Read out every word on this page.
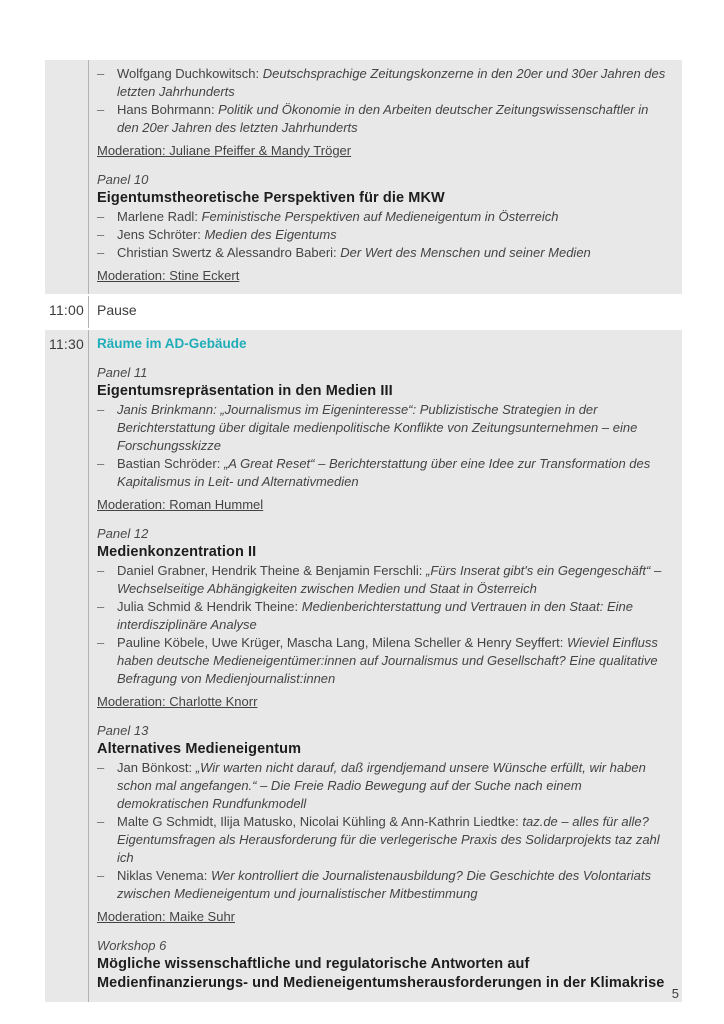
– Wolfgang Duchkowitsch: Deutschsprachige Zeitungskonzerne in den 20er und 30er Jahren des letzten Jahrhunderts
– Hans Bohrmann: Politik und Ökonomie in den Arbeiten deutscher Zeitungswissenschaftler in den 20er Jahren des letzten Jahrhunderts
Moderation: Juliane Pfeiffer & Mandy Tröger
Panel 10
Eigentumstheoretische Perspektiven für die MKW
– Marlene Radl: Feministische Perspektiven auf Medieneigentum in Österreich
– Jens Schröter: Medien des Eigentums
– Christian Swertz & Alessandro Baberi: Der Wert des Menschen und seiner Medien
Moderation: Stine Eckert
11:00 Pause
11:30 Räume im AD-Gebäude
Panel 11
Eigentumsrepräsentation in den Medien III
– Janis Brinkmann: „Journalismus im Eigeninteresse“: Publizistische Strategien in der Berichterstattung über digitale medienpolitische Konflikte von Zeitungsunternehmen – eine Forschungsskizze
– Bastian Schröder: „A Great Reset“ – Berichterstattung über eine Idee zur Transformation des Kapitalismus in Leit- und Alternativmedien
Moderation: Roman Hummel
Panel 12
Medienkonzentration II
– Daniel Grabner, Hendrik Theine & Benjamin Ferschli: „Fürs Inserat gibt's ein Gegengeschäft“ – Wechselseitige Abhängigkeiten zwischen Medien und Staat in Österreich
– Julia Schmid & Hendrik Theine: Medienberichterstattung und Vertrauen in den Staat: Eine interdisziplinäre Analyse
– Pauline Köbele, Uwe Krüger, Mascha Lang, Milena Scheller & Henry Seyffert: Wieviel Einfluss haben deutsche Medieneigentümer:innen auf Journalismus und Gesellschaft? Eine qualitative Befragung von Medienjournalist:innen
Moderation: Charlotte Knorr
Panel 13
Alternatives Medieneigentum
– Jan Bönkost: „Wir warten nicht darauf, daß irgendjemand unsere Wünsche erfüllt, wir haben schon mal angefangen.“ – Die Freie Radio Bewegung auf der Suche nach einem demokratischen Rundfunkmodell
– Malte G Schmidt, Ilija Matusko, Nicolai Kühling & Ann-Kathrin Liedtke: taz.de – alles für alle? Eigentumsfragen als Herausforderung für die verlegerische Praxis des Solidarprojekts taz zahl ich
– Niklas Venema: Wer kontrolliert die Journalistenausbildung? Die Geschichte des Volontariats zwischen Medieneigentum und journalistischer Mitbestimmung
Moderation: Maike Suhr
Workshop 6
Mögliche wissenschaftliche und regulatorische Antworten auf Medienfinanzierungs- und Medieneigentumsherausforderungen in der Klimakrise
5
